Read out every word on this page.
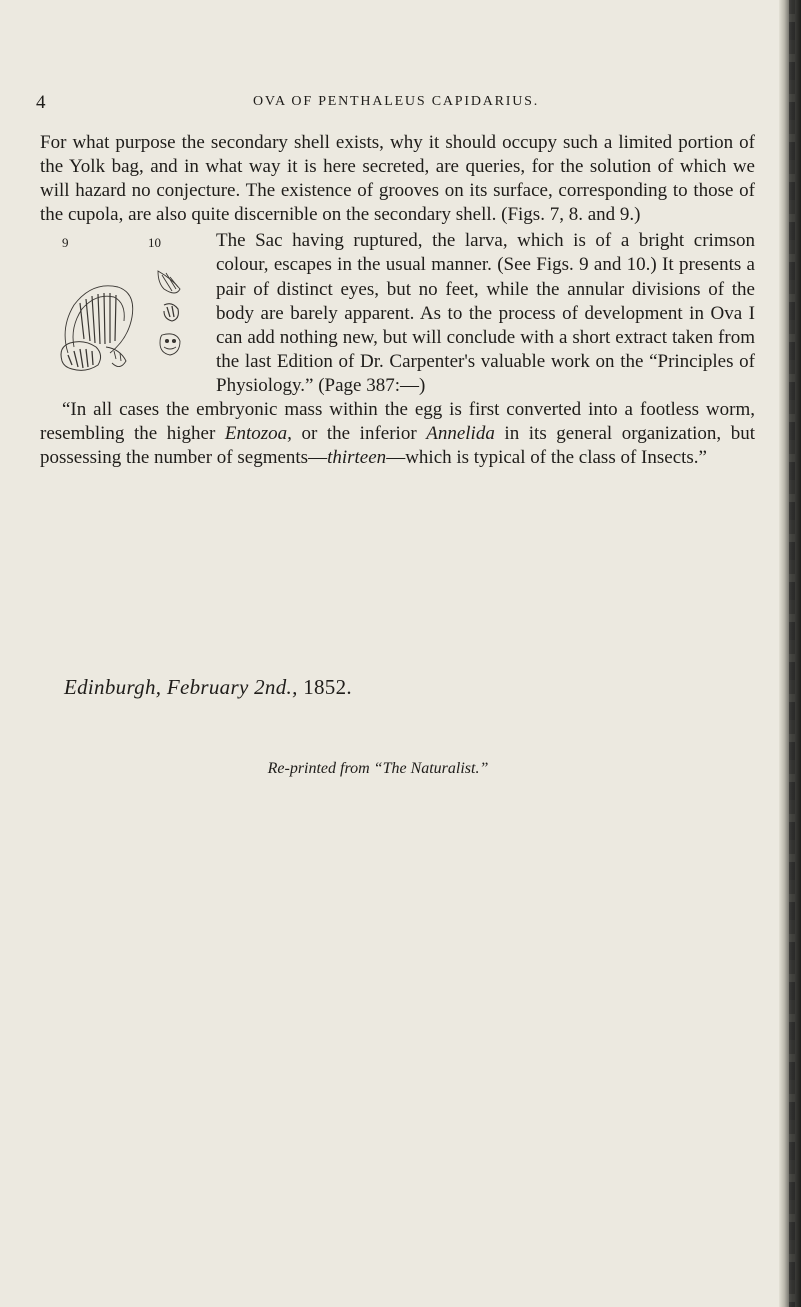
4	OVA OF PENTHALEUS CAPIDARIUS.

For what purpose the secondary shell exists, why it should occupy such a limited portion of the Yolk bag, and in what way it is here secreted, are queries, for the solution of which we will hazard no conjecture. The existence of grooves on its surface, corresponding to those of the cupola, are also quite discernible on the secondary shell. (Figs. 7, 8. and 9.)

9	10	The Sac having ruptured, the larva, which is of a bright crimson colour, escapes in the usual manner. (See Figs. 9 and 10.) It presents a pair of distinct eyes, but no feet, while the annular divisions of the body are barely apparent. As to the process of development in Ova I can add nothing new, but will conclude with a short extract taken from the last Edition of Dr. Carpenter's valuable work on the “Principles of Physiology.” (Page 387:—)

“In all cases the embryonic mass within the egg is first converted into a footless worm, resembling the higher Entozoa, or the inferior Annelida in its general organization, but possessing the number of segments—thirteen—which is typical of the class of Insects.”

Edinburgh, February 2nd., 1852.
Re-printed from “The Naturalist.”
